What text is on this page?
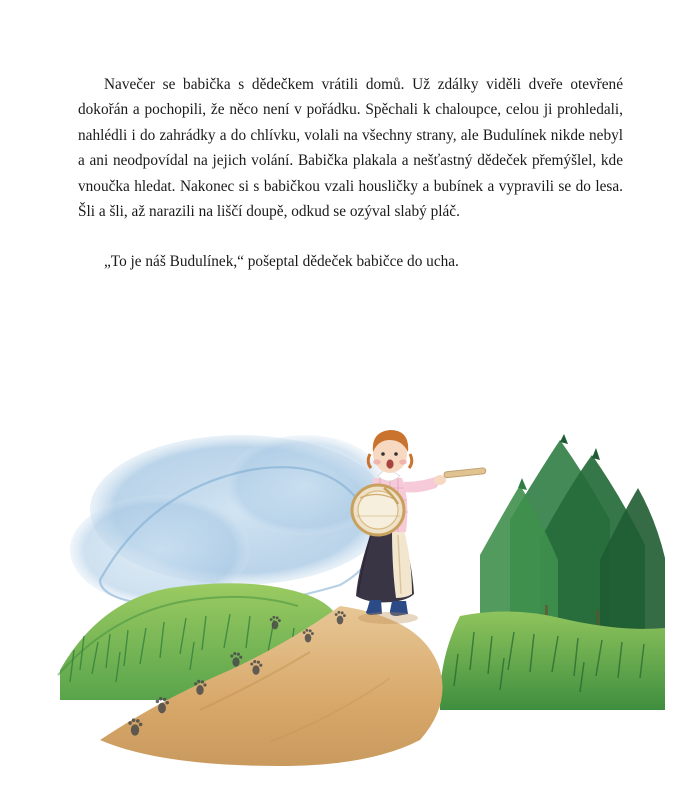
Navečer se babička s dědečkem vrátili domů. Už zdálky viděli dveře otevřené dokořán a pochopili, že něco není v pořádku. Spěchali k chaloupce, celou ji prohledali, nahlédli i do zahrádky a do chlívku, volali na všechny strany, ale Budulínek nikde nebyl a ani neodpovídal na jejich volání. Babička plakala a nešťastný dědeček přemýšlel, kde vnoučka hledat. Nakonec si s babičkou vzali housličky a bubínek a vypravili se do lesa. Šli a šli, až narazili na liščí doupě, odkud se ozýval slabý pláč.

„To je náš Budulínek,“ pošeptal dědeček babičce do ucha.
